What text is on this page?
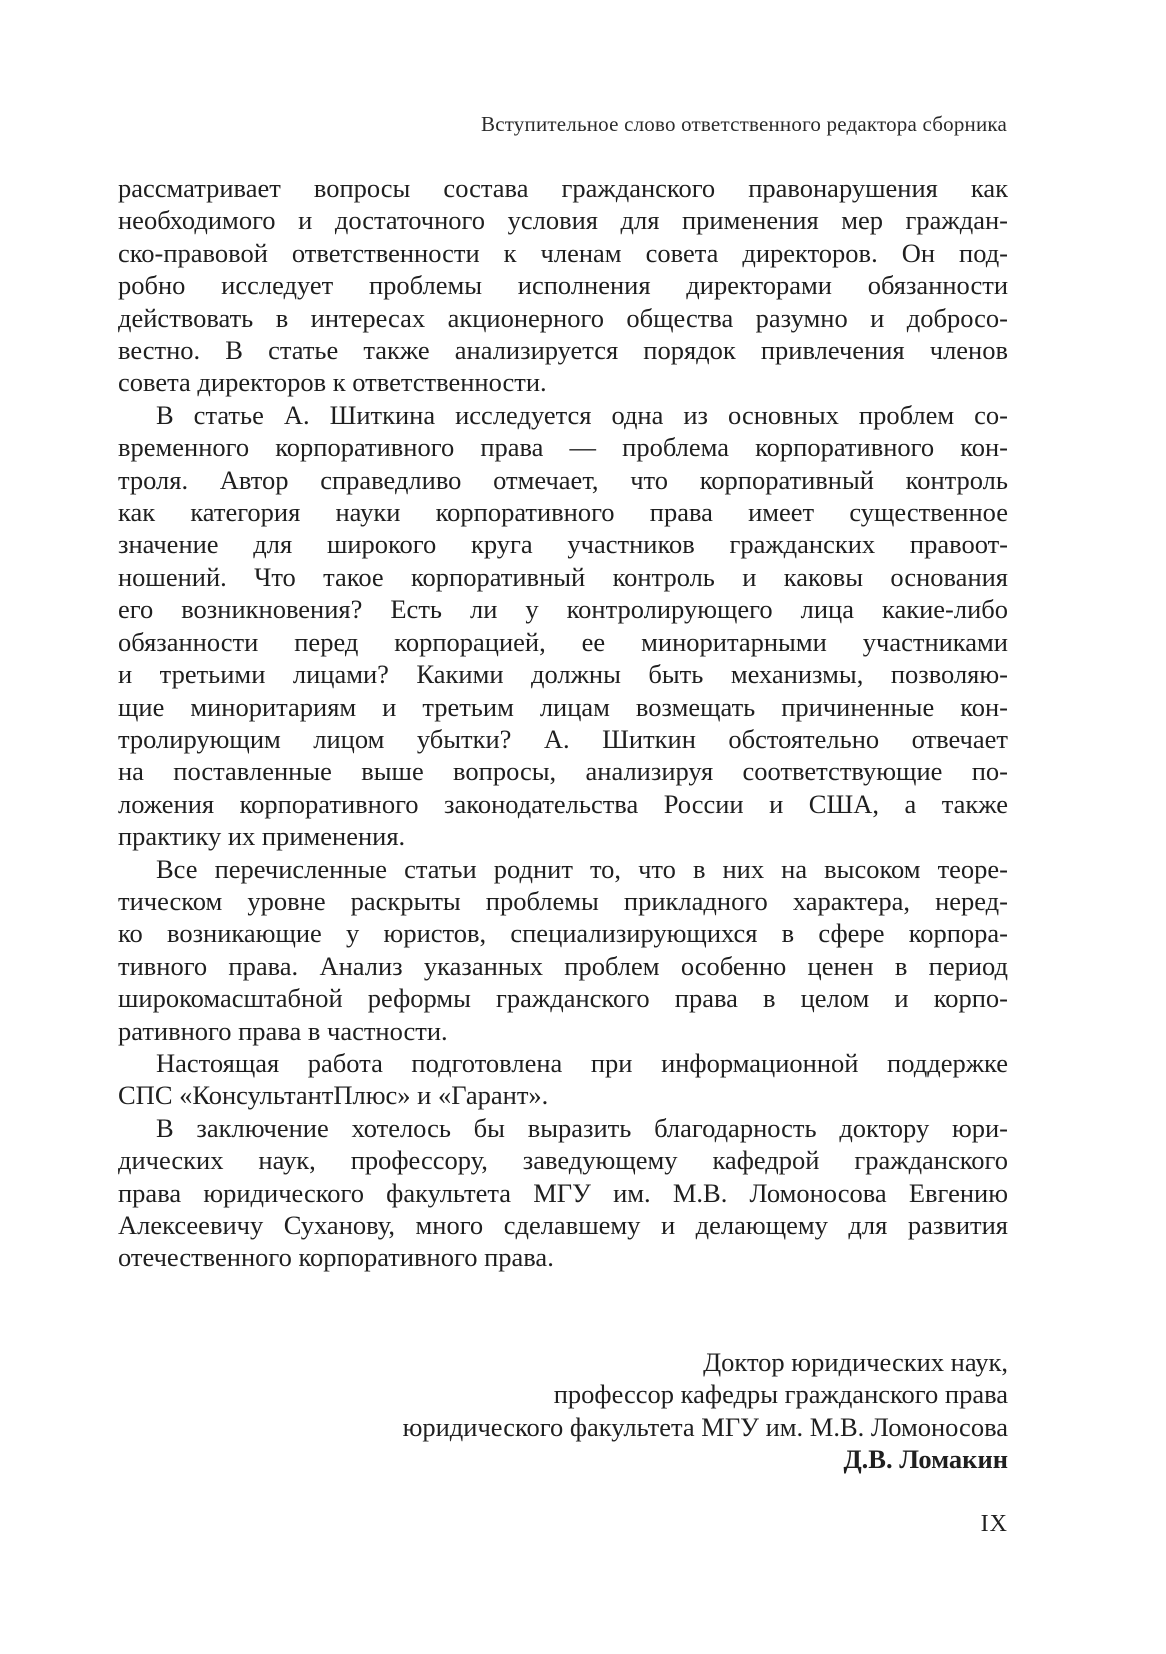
Вступительное слово ответственного редактора сборника
рассматривает вопросы состава гражданского правонарушения как
необходимого и достаточного условия для применения мер граждан-
ско-правовой ответственности к членам совета директоров. Он под-
робно исследует проблемы исполнения директорами обязанности
действовать в интересах акционерного общества разумно и добросо-
вестно. В статье также анализируется порядок привлечения членов
совета директоров к ответственности.
В статье А. Шиткина исследуется одна из основных проблем со-
временного корпоративного права — проблема корпоративного кон-
троля. Автор справедливо отмечает, что корпоративный контроль
как категория науки корпоративного права имеет существенное
значение для широкого круга участников гражданских правоот-
ношений. Что такое корпоративный контроль и каковы основания
его возникновения? Есть ли у контролирующего лица какие-либо
обязанности перед корпорацией, ее миноритарными участниками
и третьими лицами? Какими должны быть механизмы, позволяю-
щие миноритариям и третьим лицам возмещать причиненные кон-
тролирующим лицом убытки? А. Шиткин обстоятельно отвечает
на поставленные выше вопросы, анализируя соответствующие по-
ложения корпоративного законодательства России и США, а также
практику их применения.
Все перечисленные статьи роднит то, что в них на высоком теоре-
тическом уровне раскрыты проблемы прикладного характера, неред-
ко возникающие у юристов, специализирующихся в сфере корпора-
тивного права. Анализ указанных проблем особенно ценен в период
широкомасштабной реформы гражданского права в целом и корпо-
ративного права в частности.
Настоящая работа подготовлена при информационной поддержке
СПС «КонсультантПлюс» и «Гарант».
В заключение хотелось бы выразить благодарность доктору юри-
дических наук, профессору, заведующему кафедрой гражданского
права юридического факультета МГУ им. М.В. Ломоносова Евгению
Алексеевичу Суханову, много сделавшему и делающему для развития
отечественного корпоративного права.
Доктор юридических наук,
профессор кафедры гражданского права
юридического факультета МГУ им. М.В. Ломоносова
Д.В. Ломакин
IX
